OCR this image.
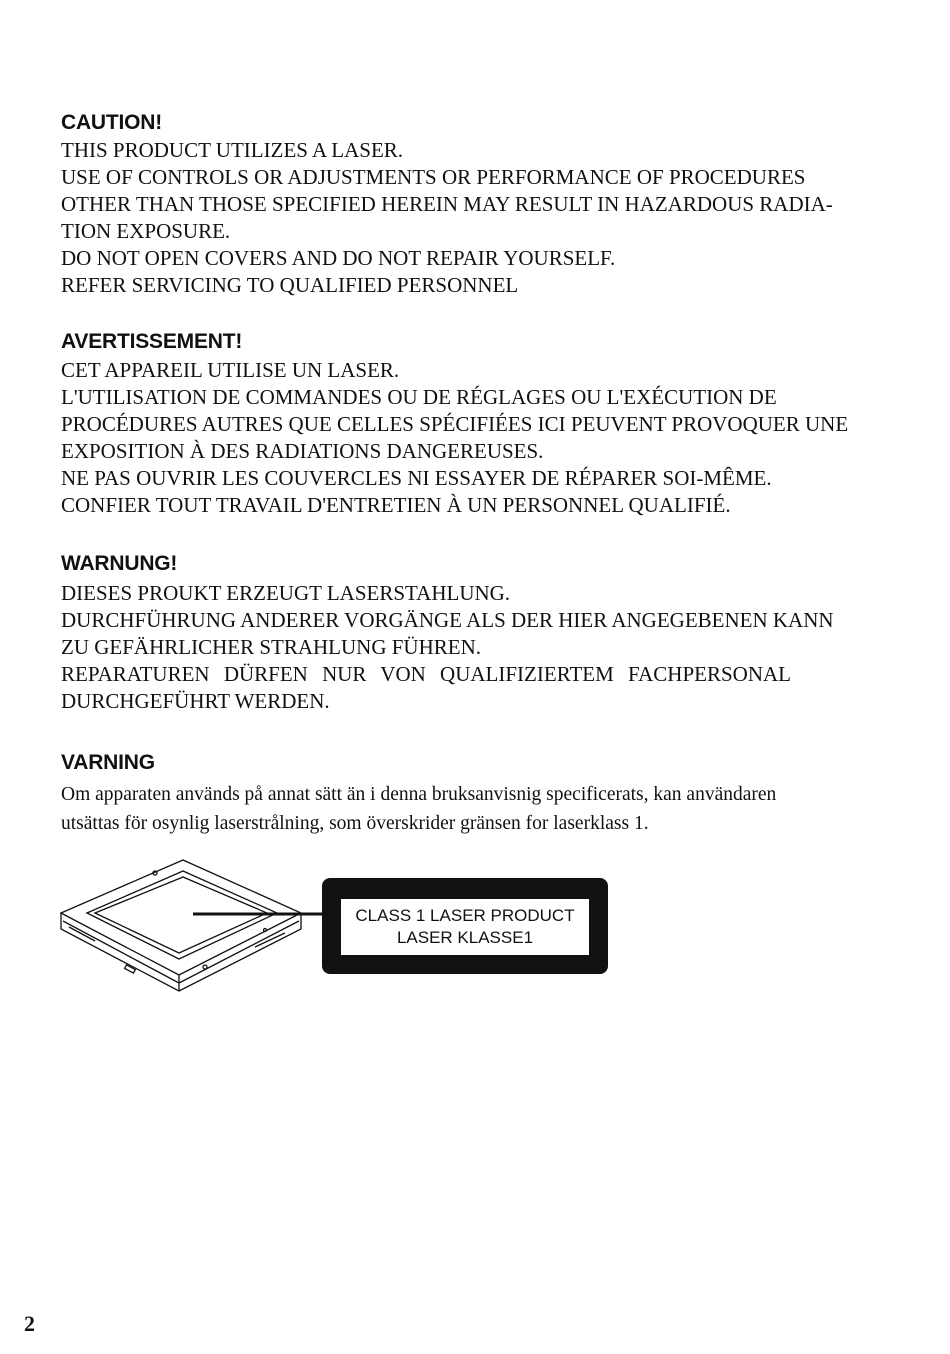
CAUTION!
THIS PRODUCT UTILIZES A LASER.
USE OF CONTROLS OR ADJUSTMENTS OR PERFORMANCE OF PROCEDURES
OTHER THAN THOSE SPECIFIED HEREIN MAY RESULT IN HAZARDOUS RADIA-
TION EXPOSURE.
DO NOT OPEN COVERS AND DO NOT REPAIR YOURSELF.
REFER SERVICING TO QUALIFIED PERSONNEL
AVERTISSEMENT!
CET APPAREIL UTILISE UN LASER.
L'UTILISATION DE COMMANDES OU DE RÉGLAGES OU L'EXÉCUTION DE
PROCÉDURES AUTRES QUE CELLES SPÉCIFIÉES ICI PEUVENT PROVOQUER UNE
EXPOSITION À DES RADIATIONS DANGEREUSES.
NE PAS OUVRIR LES COUVERCLES NI ESSAYER DE RÉPARER SOI-MÊME.
CONFIER TOUT TRAVAIL D'ENTRETIEN À UN PERSONNEL QUALIFIÉ.
WARNUNG!
DIESES PROUKT ERZEUGT LASERSTAHLUNG.
DURCHFÜHRUNG ANDERER VORGÄNGE ALS DER HIER ANGEGEBENEN KANN
ZU GEFÄHRLICHER STRAHLUNG FÜHREN.
REPARATUREN DÜRFEN NUR VON QUALIFIZIERTEM FACHPERSONAL
DURCHGEFÜHRT WERDEN.
VARNING
Om apparaten används på annat sätt än i denna bruksanvisnig specificerats, kan användaren
utsättas för osynlig laserstrålning, som överskrider gränsen for laserklass 1.
CLASS 1 LASER PRODUCT
LASER KLASSE1
2
